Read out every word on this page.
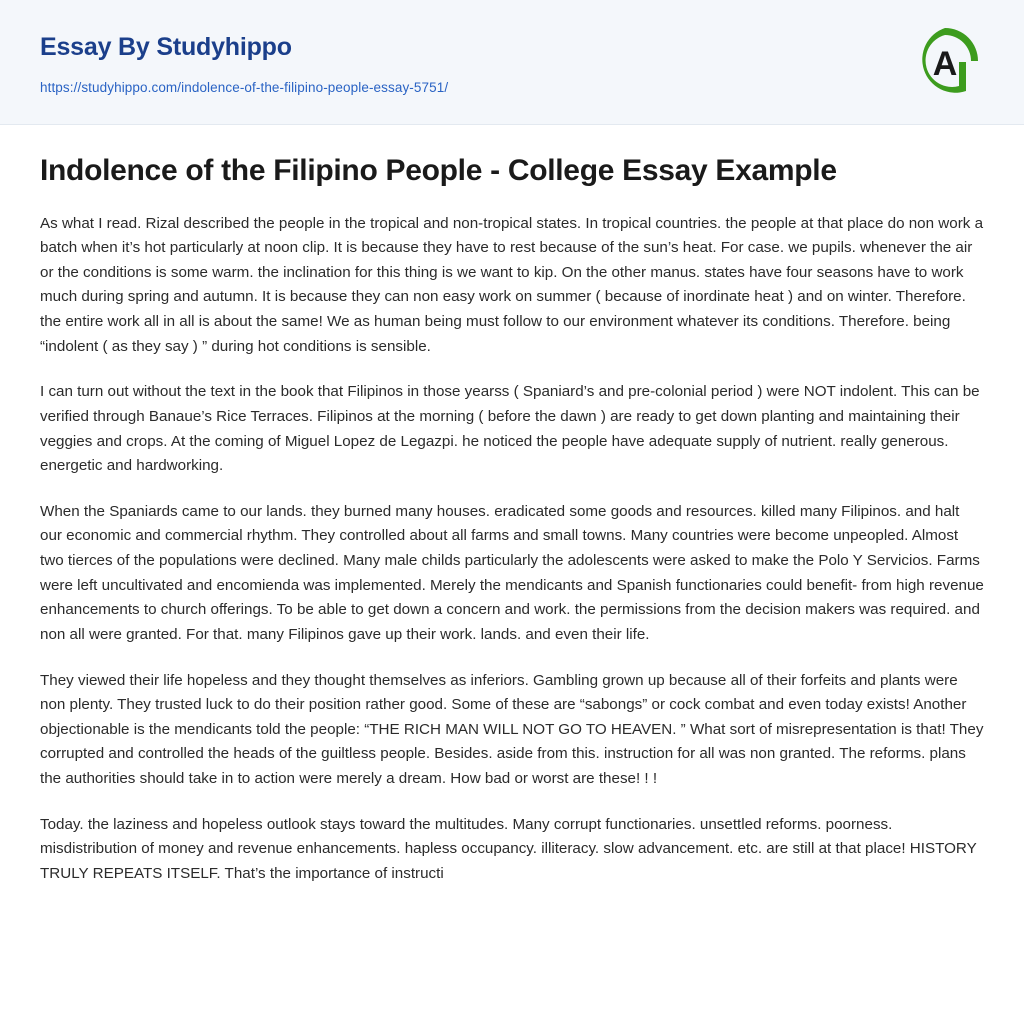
Essay By Studyhippo
https://studyhippo.com/indolence-of-the-filipino-people-essay-5751/
A
Indolence of the Filipino People - College Essay Example

As what I read. Rizal described the people in the tropical and non-tropical states. In tropical countries. the people at that place do non work a batch when it’s hot particularly at noon clip. It is because they have to rest because of the sun’s heat. For case. we pupils. whenever the air or the conditions is some warm. the inclination for this thing is we want to kip. On the other manus. states have four seasons have to work much during spring and autumn. It is because they can non easy work on summer ( because of inordinate heat ) and on winter. Therefore. the entire work all in all is about the same! We as human being must follow to our environment whatever its conditions. Therefore. being “indolent ( as they say ) ” during hot conditions is sensible.

I can turn out without the text in the book that Filipinos in those yearss ( Spaniard’s and pre-colonial period ) were NOT indolent. This can be verified through Banaue’s Rice Terraces. Filipinos at the morning ( before the dawn ) are ready to get down planting and maintaining their veggies and crops. At the coming of Miguel Lopez de Legazpi. he noticed the people have adequate supply of nutrient. really generous. energetic and hardworking.

When the Spaniards came to our lands. they burned many houses. eradicated some goods and resources. killed many Filipinos. and halt our economic and commercial rhythm. They controlled about all farms and small towns. Many countries were become unpeopled. Almost two tierces of the populations were declined. Many male childs particularly the adolescents were asked to make the Polo Y Servicios. Farms were left uncultivated and encomienda was implemented. Merely the mendicants and Spanish functionaries could benefit- from high revenue enhancements to church offerings. To be able to get down a concern and work. the permissions from the decision makers was required. and non all were granted. For that. many Filipinos gave up their work. lands. and even their life.

They viewed their life hopeless and they thought themselves as inferiors. Gambling grown up because all of their forfeits and plants were non plenty. They trusted luck to do their position rather good. Some of these are “sabongs” or cock combat and even today exists! Another objectionable is the mendicants told the people: “THE RICH MAN WILL NOT GO TO HEAVEN. ” What sort of misrepresentation is that! They corrupted and controlled the heads of the guiltless people. Besides. aside from this. instruction for all was non granted. The reforms. plans the authorities should take in to action were merely a dream. How bad or worst are these! ! !

Today. the laziness and hopeless outlook stays toward the multitudes. Many corrupt functionaries. unsettled reforms. poorness. misdistribution of money and revenue enhancements. hapless occupancy. illiteracy. slow advancement. etc. are still at that place! HISTORY TRULY REPEATS ITSELF. That’s the importance of instructi
